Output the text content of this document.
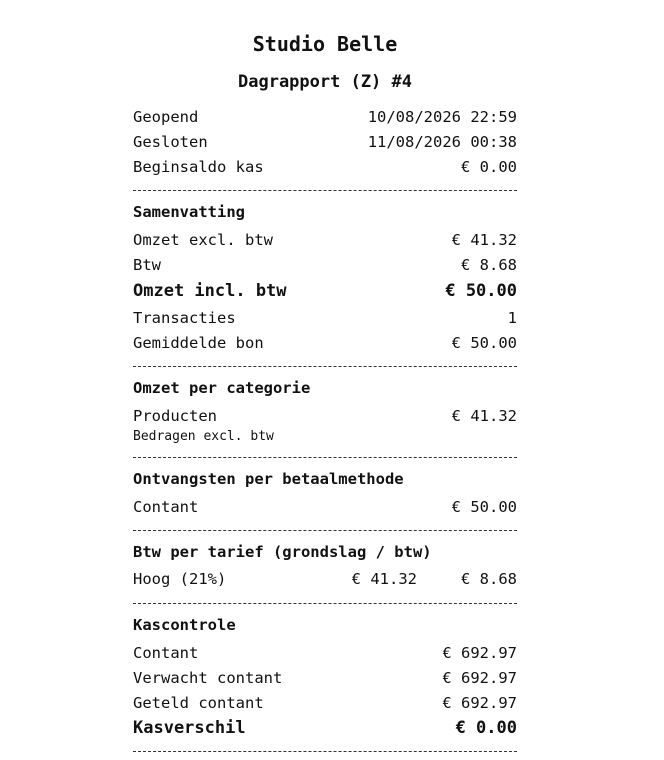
Studio Belle
Dagrapport (Z) #4
Geopend	10/08/2026 22:59
Gesloten	11/08/2026 00:38
Beginsaldo kas	€ 0.00
Samenvatting
Omzet excl. btw	€ 41.32
Btw	€ 8.68
Omzet incl. btw	€ 50.00
Transacties	1
Gemiddelde bon	€ 50.00
Omzet per categorie
Producten	€ 41.32
Bedragen excl. btw
Ontvangsten per betaalmethode
Contant	€ 50.00
Btw per tarief (grondslag / btw)
Hoog (21%)	€ 41.32	€ 8.68
Kascontrole
Contant	€ 692.97
Verwacht contant	€ 692.97
Geteld contant	€ 692.97
Kasverschil	€ 0.00
